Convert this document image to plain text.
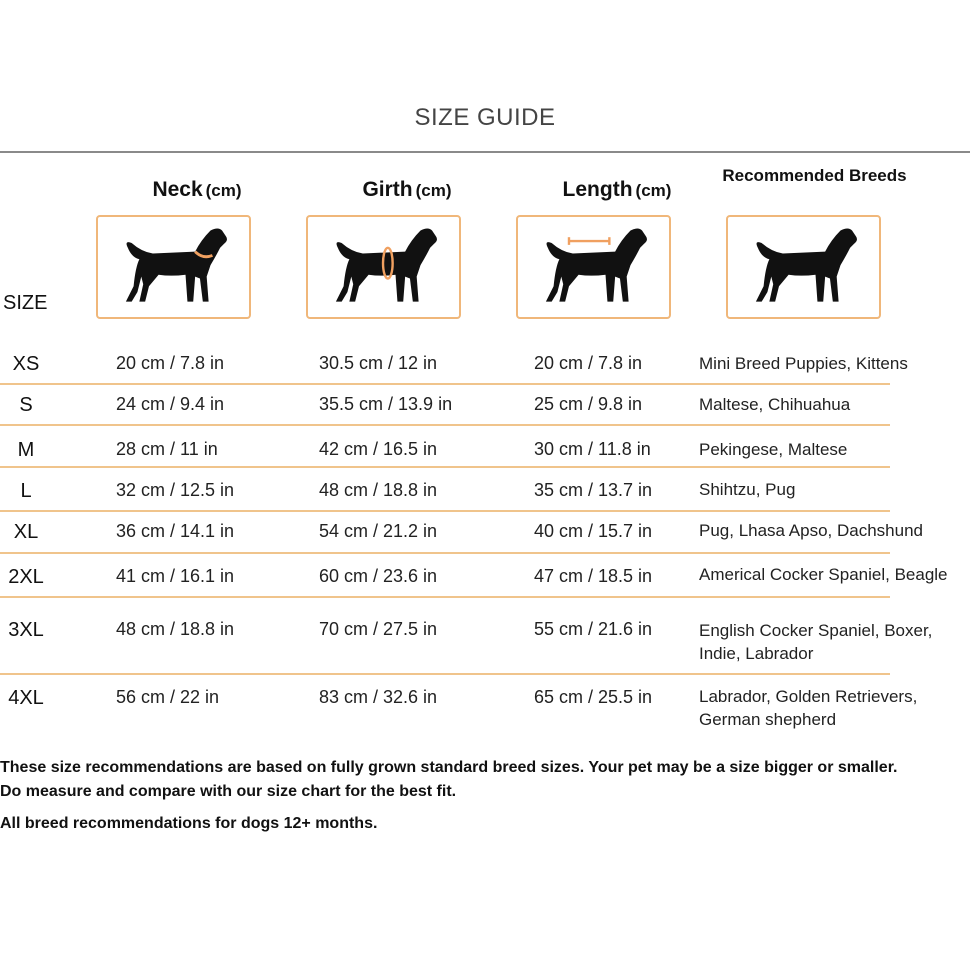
SIZE GUIDE
Neck (cm)	Girth (cm)	Length (cm)
Recommended Breeds
SIZE
XS	20 cm / 7.8 in	30.5 cm / 12 in	20 cm / 7.8 in	Mini Breed Puppies, Kittens
S	24 cm / 9.4 in	35.5 cm / 13.9 in	25 cm / 9.8 in	Maltese, Chihuahua
M	28 cm / 11 in	42 cm / 16.5 in	30 cm / 11.8 in	Pekingese, Maltese
L	32 cm / 12.5 in	48 cm / 18.8 in	35 cm / 13.7 in	Shihtzu, Pug
XL	36 cm / 14.1 in	54 cm / 21.2 in	40 cm / 15.7 in	Pug, Lhasa Apso, Dachshund
2XL	41 cm / 16.1 in	60 cm / 23.6 in	47 cm / 18.5 in	Americal Cocker Spaniel, Beagle
3XL	48 cm / 18.8 in	70 cm / 27.5 in	55 cm / 21.6 in	English Cocker Spaniel, Boxer, Indie, Labrador
4XL	56 cm / 22 in	83 cm / 32.6 in	65 cm / 25.5 in	Labrador, Golden Retrievers, German shepherd
These size recommendations are based on fully grown standard breed sizes. Your pet may be a size bigger or smaller.
Do measure and compare with our size chart for the best fit.
All breed recommendations for dogs 12+ months.
